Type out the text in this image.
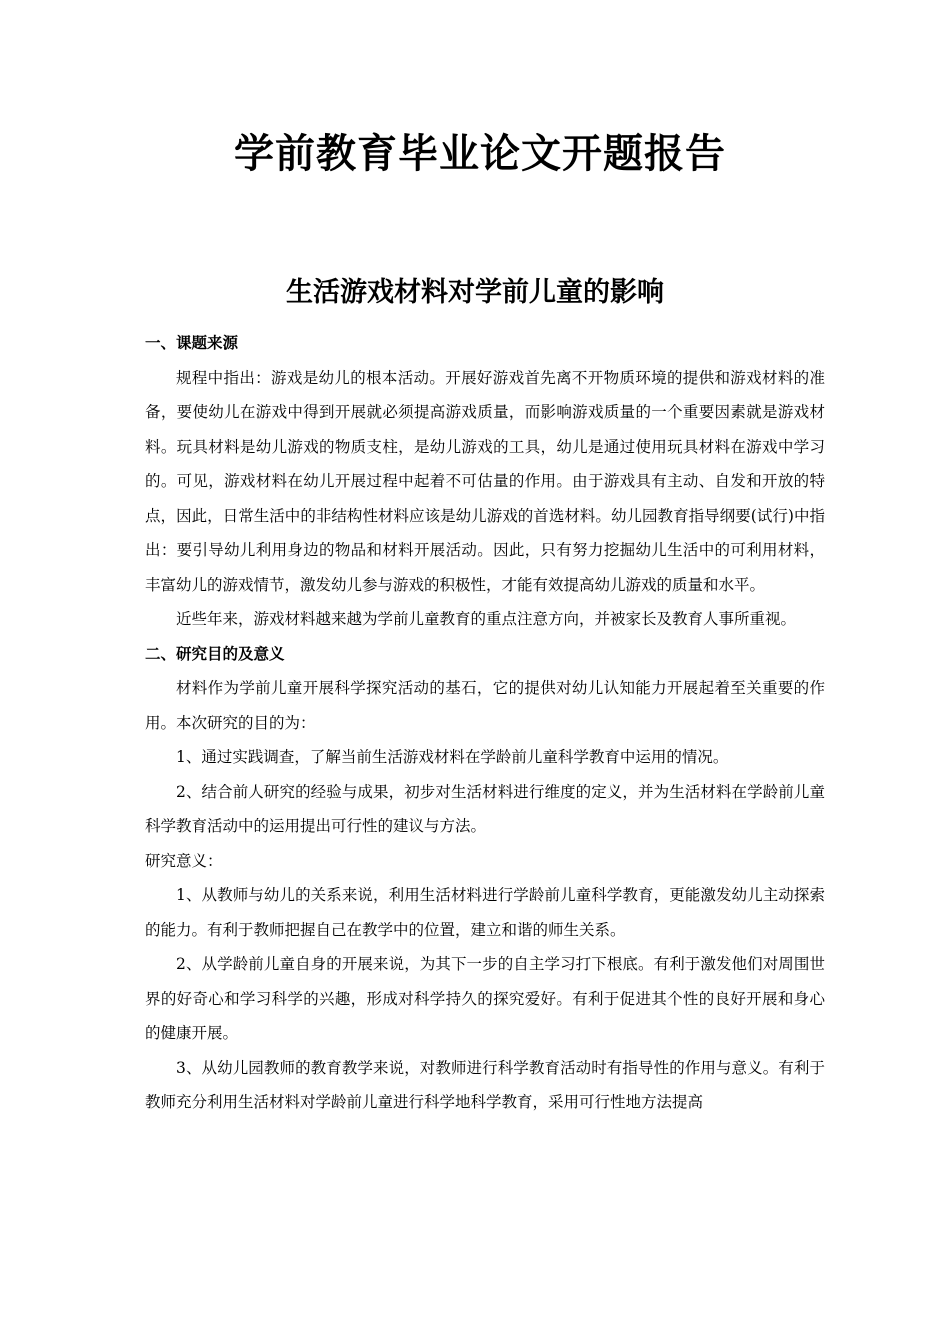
学前教育毕业论文开题报告
生活游戏材料对学前儿童的影响
一、课题来源

规程中指出：游戏是幼儿的根本活动。开展好游戏首先离不开物质环境的提供和游戏材料的准备，要使幼儿在游戏中得到开展就必须提高游戏质量，而影响游戏质量的一个重要因素就是游戏材料。玩具材料是幼儿游戏的物质支柱，是幼儿游戏的工具，幼儿是通过使用玩具材料在游戏中学习的。可见，游戏材料在幼儿开展过程中起着不可估量的作用。由于游戏具有主动、自发和开放的特点，因此，日常生活中的非结构性材料应该是幼儿游戏的首选材料。幼儿园教育指导纲要(试行)中指出：要引导幼儿利用身边的物品和材料开展活动。因此，只有努力挖掘幼儿生活中的可利用材料，丰富幼儿的游戏情节，激发幼儿参与游戏的积极性，才能有效提高幼儿游戏的质量和水平。

近些年来，游戏材料越来越为学前儿童教育的重点注意方向，并被家长及教育人事所重视。

二、研究目的及意义

材料作为学前儿童开展科学探究活动的基石，它的提供对幼儿认知能力开展起着至关重要的作用。本次研究的目的为：

1、通过实践调查，了解当前生活游戏材料在学龄前儿童科学教育中运用的情况。

2、结合前人研究的经验与成果，初步对生活材料进行维度的定义，并为生活材料在学龄前儿童科学教育活动中的运用提出可行性的建议与方法。

研究意义：

1、从教师与幼儿的关系来说，利用生活材料进行学龄前儿童科学教育，更能激发幼儿主动探索的能力。有利于教师把握自己在教学中的位置，建立和谐的师生关系。

2、从学龄前儿童自身的开展来说，为其下一步的自主学习打下根底。有利于激发他们对周围世界的好奇心和学习科学的兴趣，形成对科学持久的探究爱好。有利于促进其个性的良好开展和身心的健康开展。

3、从幼儿园教师的教育教学来说，对教师进行科学教育活动时有指导性的作用与意义。有利于教师充分利用生活材料对学龄前儿童进行科学地科学教育，采用可行性地方法提高
